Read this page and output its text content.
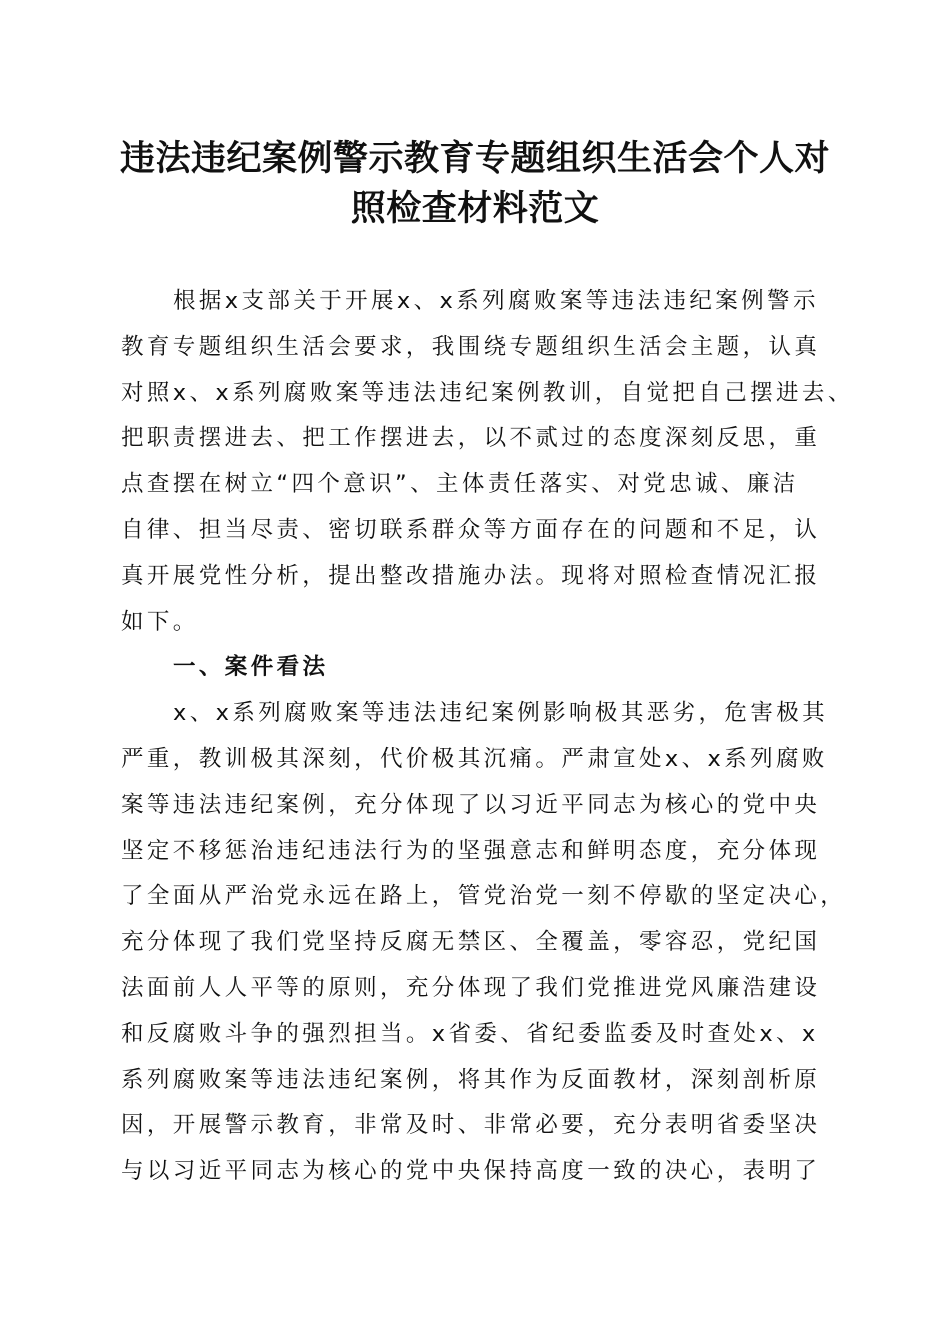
违法违纪案例警示教育专题组织生活会个人对
照检查材料范文
根据x支部关于开展x、x系列腐败案等违法违纪案例警示
教育专题组织生活会要求，我围绕专题组织生活会主题，认真
对照x、x系列腐败案等违法违纪案例教训，自觉把自己摆进去、
把职责摆进去、把工作摆进去，以不贰过的态度深刻反思，重
点查摆在树立“四个意识”、主体责任落实、对党忠诚、廉洁
自律、担当尽责、密切联系群众等方面存在的问题和不足，认
真开展党性分析，提出整改措施办法。现将对照检查情况汇报
如下。
一、案件看法
x、x系列腐败案等违法违纪案例影响极其恶劣，危害极其
严重，教训极其深刻，代价极其沉痛。严肃宣处x、x系列腐败
案等违法违纪案例，充分体现了以习近平同志为核心的党中央
坚定不移惩治违纪违法行为的坚强意志和鲜明态度，充分体现
了全面从严治党永远在路上，管党治党一刻不停歇的坚定决心，
充分体现了我们党坚持反腐无禁区、全覆盖，零容忍，党纪国
法面前人人平等的原则，充分体现了我们党推进党风廉浩建设
和反腐败斗争的强烈担当。x省委、省纪委监委及时查处x、x
系列腐败案等违法违纪案例，将其作为反面教材，深刻剖析原
因，开展警示教育，非常及时、非常必要，充分表明省委坚决
与以习近平同志为核心的党中央保持高度一致的决心，表明了
